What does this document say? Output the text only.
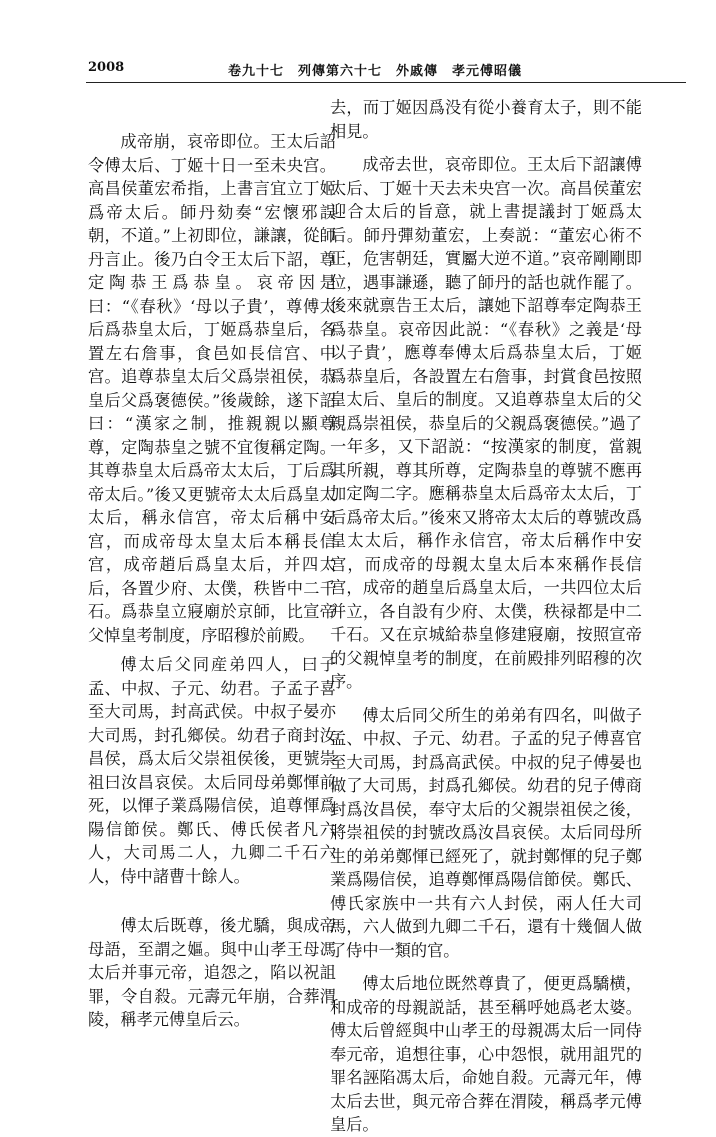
2008	卷九十七　列傳第六十七　外戚傳　孝元傅昭儀

成帝崩，哀帝即位。王太后詔令傅太后、丁姬十日一至未央宫。高昌侯董宏希指，上書言宜立丁姬爲帝太后。師丹劾奏“宏懷邪誤朝，不道。”上初即位，謙讓，從師丹言止。後乃白令王太后下詔，尊定陶恭王爲恭皇。哀帝因是曰：“《春秋》‘母以子貴’，尊傅太后爲恭皇太后，丁姬爲恭皇后，各置左右詹事，食邑如長信宫、中宫。追尊恭皇太后父爲崇祖侯，恭皇后父爲褒德侯。”後歲餘，遂下詔曰：“漢家之制，推親親以顯尊尊，定陶恭皇之號不宜復稱定陶。其尊恭皇太后爲帝太太后，丁后爲帝太后。”後又更號帝太太后爲皇太太后，稱永信宫，帝太后稱中安宫，而成帝母太皇太后本稱長信宫，成帝趙后爲皇太后，并四太后，各置少府、太僕，秩皆中二千石。爲恭皇立寢廟於京師，比宣帝父悼皇考制度，序昭穆於前殿。

傅太后父同産弟四人，曰子孟、中叔、子元、幼君。子孟子喜至大司馬，封高武侯。中叔子晏亦大司馬，封孔鄉侯。幼君子商封汝昌侯，爲太后父崇祖侯後，更號崇祖曰汝昌哀侯。太后同母弟鄭惲前死，以惲子業爲陽信侯，追尊惲爲陽信節侯。鄭氏、傅氏侯者凡六人，大司馬二人，九卿二千石六人，侍中諸曹十餘人。

傅太后既尊，後尤驕，與成帝母語，至謂之嫗。與中山孝王母馮太后并事元帝，追怨之，陷以祝詛罪，令自殺。元壽元年崩，合葬渭陵，稱孝元傅皇后云。

去，而丁姬因爲没有從小養育太子，則不能相見。

成帝去世，哀帝即位。王太后下詔讓傅太后、丁姬十天去未央宫一次。高昌侯董宏迎合太后的旨意，就上書提議封丁姬爲太后。師丹彈劾董宏，上奏説：“董宏心術不正，危害朝廷，實屬大逆不道。”哀帝剛剛即位，遇事謙遜，聽了師丹的話也就作罷了。後來就禀告王太后，讓她下詔尊奉定陶恭王爲恭皇。哀帝因此説：“《春秋》之義是‘母以子貴’，應尊奉傅太后爲恭皇太后，丁姬爲恭皇后，各設置左右詹事，封賞食邑按照皇太后、皇后的制度。又追尊恭皇太后的父親爲崇祖侯，恭皇后的父親爲褒德侯。”過了一年多，又下詔説：“按漢家的制度，當親其所親，尊其所尊，定陶恭皇的尊號不應再加定陶二字。應稱恭皇太后爲帝太太后，丁后爲帝太后。”後來又將帝太太后的尊號改爲皇太太后，稱作永信宫，帝太后稱作中安宫，而成帝的母親太皇太后本來稱作長信宫，成帝的趙皇后爲皇太后，一共四位太后并立，各自設有少府、太僕，秩禄都是中二千石。又在京城給恭皇修建寢廟，按照宣帝的父親悼皇考的制度，在前殿排列昭穆的次序。

傅太后同父所生的弟弟有四名，叫做子孟、中叔、子元、幼君。子孟的兒子傅喜官至大司馬，封爲高武侯。中叔的兒子傅晏也做了大司馬，封爲孔鄉侯。幼君的兒子傅商封爲汝昌侯，奉守太后的父親崇祖侯之後，將崇祖侯的封號改爲汝昌哀侯。太后同母所生的弟弟鄭惲已經死了，就封鄭惲的兒子鄭業爲陽信侯，追尊鄭惲爲陽信節侯。鄭氏、傅氏家族中一共有六人封侯，兩人任大司馬，六人做到九卿二千石，還有十幾個人做了侍中一類的官。

傅太后地位既然尊貴了，便更爲驕横，和成帝的母親説話，甚至稱呼她爲老太婆。傅太后曾經與中山孝王的母親馮太后一同侍奉元帝，追想往事，心中怨恨，就用詛咒的罪名誣陷馮太后，命她自殺。元壽元年，傅太后去世，與元帝合葬在渭陵，稱爲孝元傅皇后。
